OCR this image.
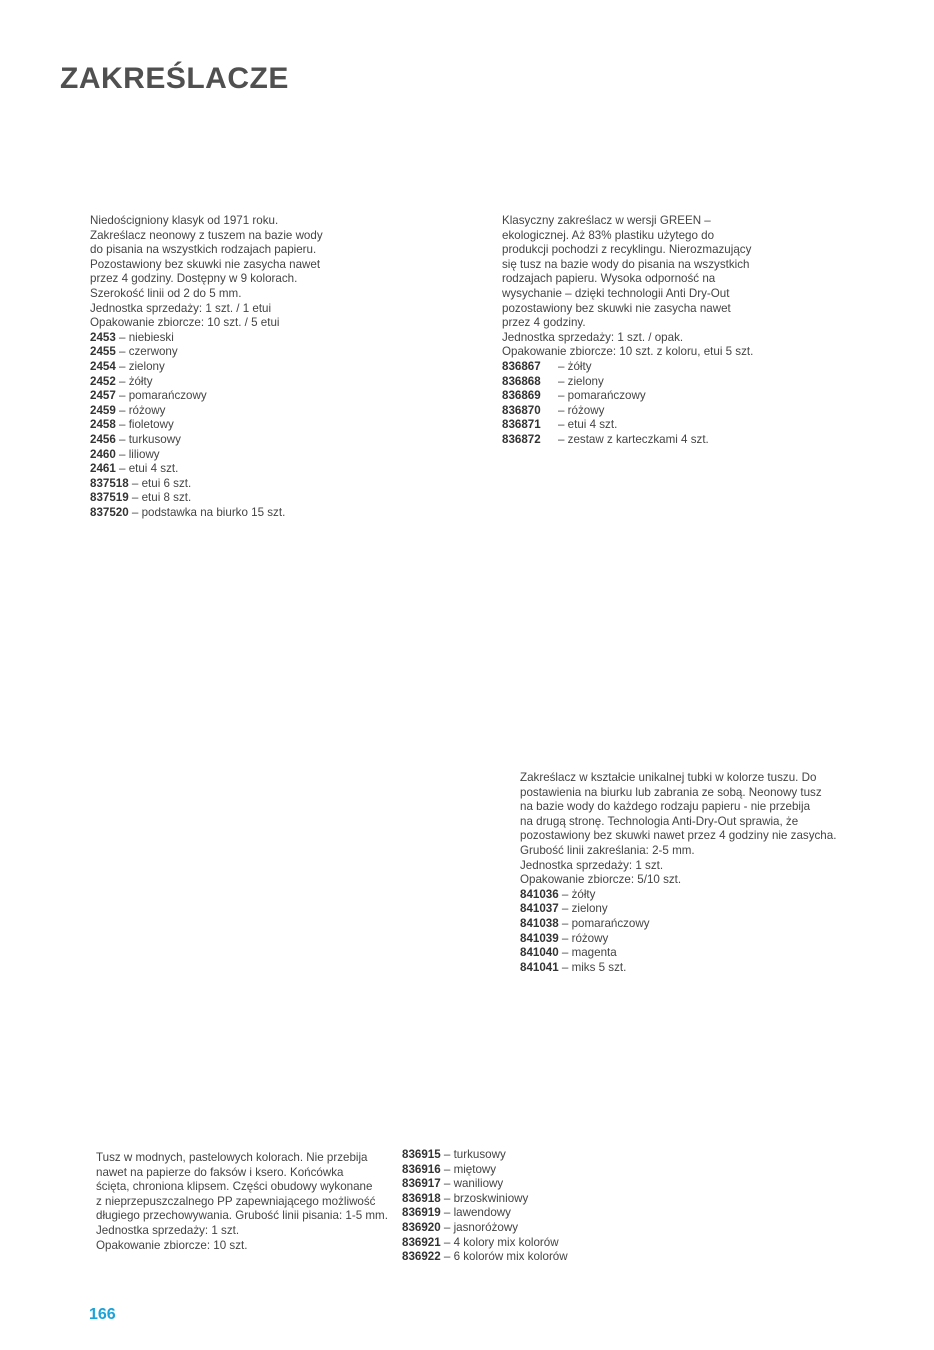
ZAKREŚLACZE

Niedościgniony klasyk od 1971 roku.

Zakreślacz neonowy z tuszem na bazie wody

do pisania na wszystkich rodzajach papieru.

Pozostawiony bez skuwki nie zasycha nawet

przez 4 godziny. Dostępny w 9 kolorach.

Szerokość linii od 2 do 5 mm.

Jednostka sprzedaży: 1 szt. / 1 etui

Opakowanie zbiorcze: 10 szt. / 5 etui

2453 – niebieski
2455 – czerwony
2454 – zielony
2452 – żółty
2457 – pomarańczowy
2459 – różowy
2458 – fioletowy
2456 – turkusowy
2460 – liliowy
2461 – etui 4 szt.
837518 – etui 6 szt.
837519 – etui 8 szt.
837520 – podstawka na biurko 15 szt.

Klasyczny zakreślacz w wersji GREEN –

ekologicznej. Aż 83% plastiku użytego do

produkcji pochodzi z recyklingu. Nierozmazujący

się tusz na bazie wody do pisania na wszystkich

rodzajach papieru. Wysoka odporność na

wysychanie – dzięki technologii Anti Dry-Out

pozostawiony bez skuwki nie zasycha nawet

przez 4 godziny.

Jednostka sprzedaży: 1 szt. / opak.

Opakowanie zbiorcze: 10 szt. z koloru, etui 5 szt.

836867 – żółty
836868 – zielony
836869 – pomarańczowy
836870 – różowy
836871 – etui 4 szt.
836872 – zestaw z karteczkami 4 szt.

Zakreślacz w kształcie unikalnej tubki w kolorze tuszu. Do

postawienia na biurku lub zabrania ze sobą. Neonowy tusz

na bazie wody do każdego rodzaju papieru - nie przebija

na drugą stronę. Technologia Anti-Dry-Out sprawia, że

pozostawiony bez skuwki nawet przez 4 godziny nie zasycha.

Grubość linii zakreślania: 2-5 mm.

Jednostka sprzedaży: 1 szt.

Opakowanie zbiorcze: 5/10 szt.

841036 – żółty
841037 – zielony
841038 – pomarańczowy
841039 – różowy
841040 – magenta
841041 – miks 5 szt.

Tusz w modnych, pastelowych kolorach. Nie przebija

nawet na papierze do faksów i ksero. Końcówka

ścięta, chroniona klipsem. Części obudowy wykonane

z nieprzepuszczalnego PP zapewniającego możliwość

długiego przechowywania. Grubość linii pisania: 1-5 mm.

Jednostka sprzedaży: 1 szt.

Opakowanie zbiorcze: 10 szt.

836915 – turkusowy
836916 – miętowy
836917 – waniliowy
836918 – brzoskwiniowy
836919 – lawendowy
836920 – jasnoróżowy
836921 – 4 kolory mix kolorów
836922 – 6 kolorów mix kolorów
166
